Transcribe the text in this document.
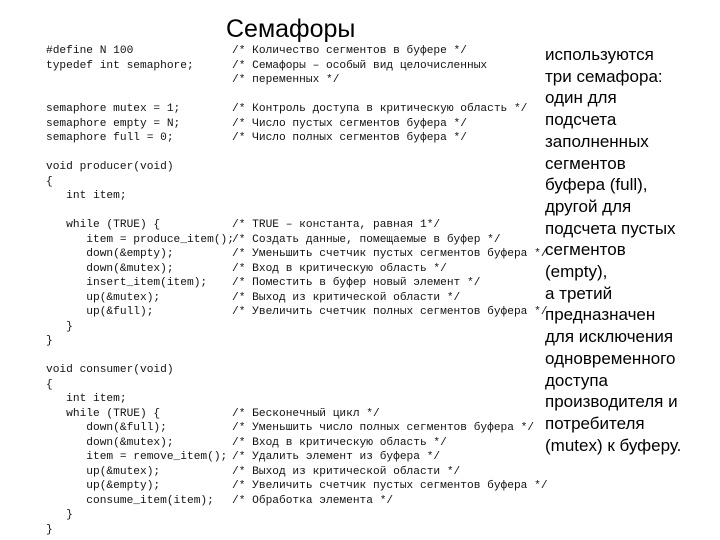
Семафоры
#define N 100	/* Количество сегментов в буфере */
typedef int semaphore;	/* Семафоры – особый вид целочисленных
/* переменных */
semaphore mutex = 1;	/* Контроль доступа в критическую область */
semaphore empty = N;	/* Число пустых сегментов буфера */
semaphore full = 0;	/* Число полных сегментов буфера */
void producer(void)
{
int item;
while (TRUE) {	/* TRUE – константа, равная 1*/
item = produce_item();
/* Создать данные, помещаемые в буфер */
down(&empty);	/* Уменьшить счетчик пустых сегментов буфера */
down(&mutex);	/* Вход в критическую область */
insert_item(item); /* Поместить в буфер новый элемент */
up(&mutex);	/* Выход из критической области */
up(&full);	/* Увеличить счетчик полных сегментов буфера */
}
}
void consumer(void)
{
int item;
while (TRUE) {	/* Бесконечный цикл */
down(&full);	/* Уменьшить число полных сегментов буфера */
down(&mutex);	/* Вход в критическую область */
item = remove_item(); /* Удалить элемент из буфера */
up(&mutex);	/* Выход из критической области */
up(&empty);	/* Увеличить счетчик пустых сегментов буфера */
consume_item(item); /* Обработка элемента */
}
}
используются
три семафора:
один для
подсчета
заполненных
сегментов
буфера (full),
другой для
подсчета пустых
сегментов
(empty),
а третий
предназначен
для исключения
одновременного
доступа
производителя и
потребителя
(mutex) к буферу.
